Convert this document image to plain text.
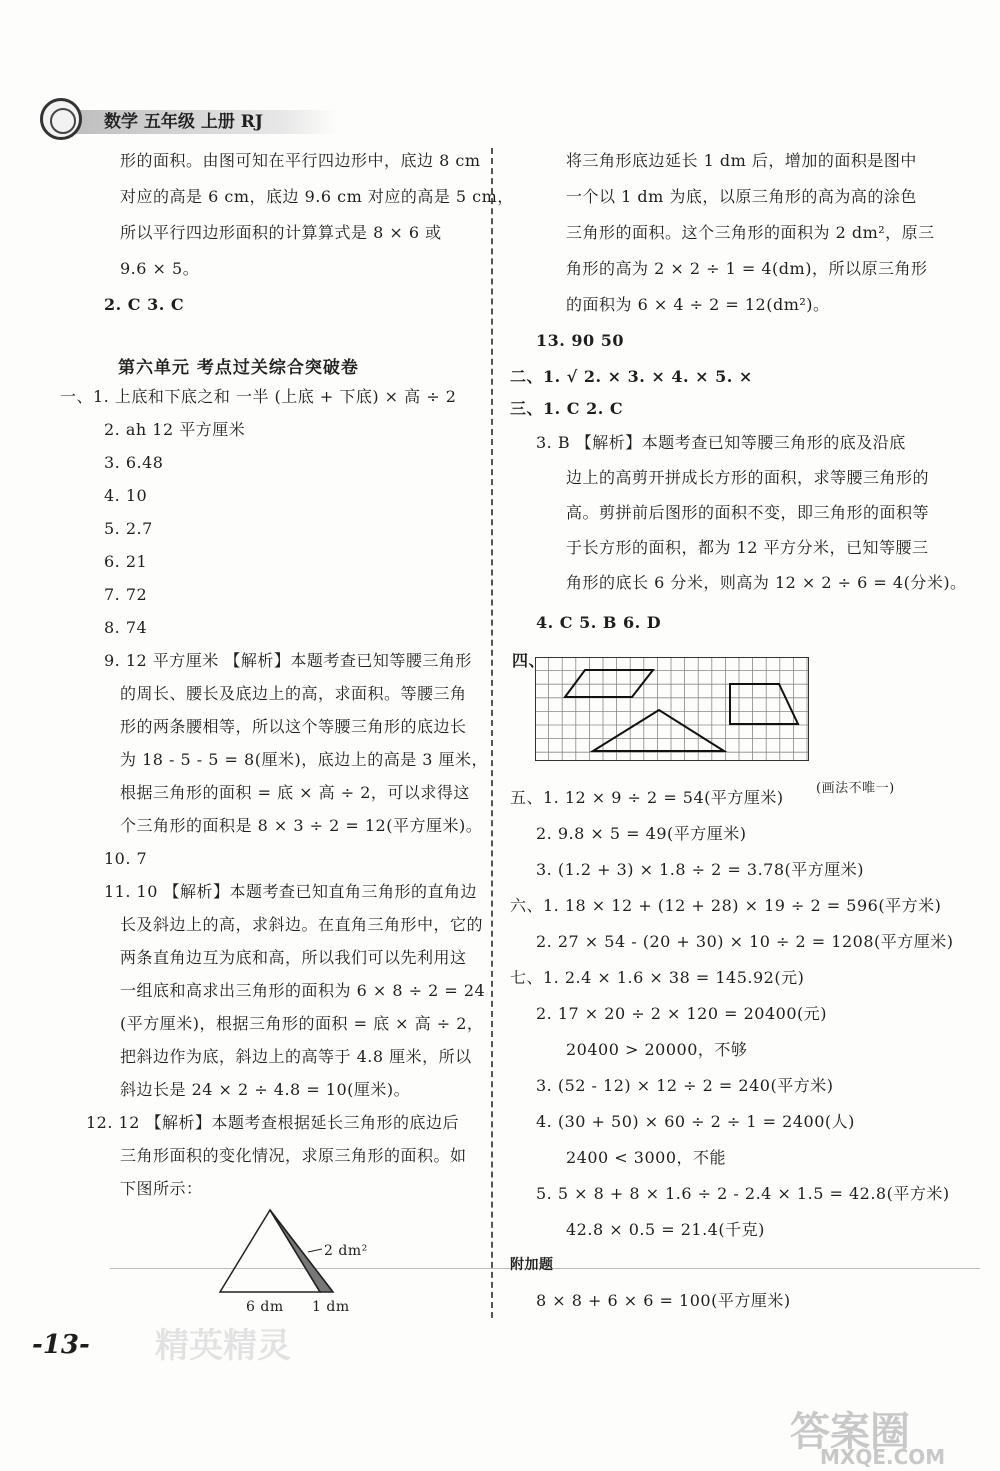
数学 五年级 上册 RJ
形的面积。由图可知在平行四边形中，底边 8 cm
对应的高是 6 cm，底边 9.6 cm 对应的高是 5 cm，
所以平行四边形面积的计算算式是 8 × 6 或
9.6 × 5。
2. C 3. C
第六单元 考点过关综合突破卷
一、1. 上底和下底之和 一半 (上底 + 下底) × 高 ÷ 2
2. ah 12 平方厘米
3. 6.48
4. 10
5. 2.7
6. 21
7. 72
8. 74
9. 12 平方厘米 【解析】本题考查已知等腰三角形
的周长、腰长及底边上的高，求面积。等腰三角
形的两条腰相等，所以这个等腰三角形的底边长
为 18 - 5 - 5 = 8(厘米)，底边上的高是 3 厘米，
根据三角形的面积 = 底 × 高 ÷ 2，可以求得这
个三角形的面积是 8 × 3 ÷ 2 = 12(平方厘米)。
10. 7
11. 10 【解析】本题考查已知直角三角形的直角边
长及斜边上的高，求斜边。在直角三角形中，它的
两条直角边互为底和高，所以我们可以先利用这
一组底和高求出三角形的面积为 6 × 8 ÷ 2 = 24
(平方厘米)，根据三角形的面积 = 底 × 高 ÷ 2，
把斜边作为底，斜边上的高等于 4.8 厘米，所以
斜边长是 24 × 2 ÷ 4.8 = 10(厘米)。
12. 12 【解析】本题考查根据延长三角形的底边后
三角形面积的变化情况，求原三角形的面积。如
下图所示：
2 dm²
6 dm 1 dm
将三角形底边延长 1 dm 后，增加的面积是图中
一个以 1 dm 为底，以原三角形的高为高的涂色
三角形的面积。这个三角形的面积为 2 dm²，原三
角形的高为 2 × 2 ÷ 1 = 4(dm)，所以原三角形
的面积为 6 × 4 ÷ 2 = 12(dm²)。
13. 90 50
二、1. √ 2. × 3. × 4. × 5. ×
三、1. C 2. C
3. B 【解析】本题考查已知等腰三角形的底及沿底
边上的高剪开拼成长方形的面积，求等腰三角形的
高。剪拼前后图形的面积不变，即三角形的面积等
于长方形的面积，都为 12 平方分米，已知等腰三
角形的底长 6 分米，则高为 12 × 2 ÷ 6 = 4(分米)。
4. C 5. B 6. D
四、
(画法不唯一)
五、1. 12 × 9 ÷ 2 = 54(平方厘米)
2. 9.8 × 5 = 49(平方厘米)
3. (1.2 + 3) × 1.8 ÷ 2 = 3.78(平方厘米)
六、1. 18 × 12 + (12 + 28) × 19 ÷ 2 = 596(平方米)
2. 27 × 54 - (20 + 30) × 10 ÷ 2 = 1208(平方厘米)
七、1. 2.4 × 1.6 × 38 = 145.92(元)
2. 17 × 20 ÷ 2 × 120 = 20400(元)
20400 > 20000，不够
3. (52 - 12) × 12 ÷ 2 = 240(平方米)
4. (30 + 50) × 60 ÷ 2 ÷ 1 = 2400(人)
2400 < 3000，不能
5. 5 × 8 + 8 × 1.6 ÷ 2 - 2.4 × 1.5 = 42.8(平方米)
42.8 × 0.5 = 21.4(千克)
附加题
8 × 8 + 6 × 6 = 100(平方厘米)
-13- 精英精灵
答案圈
MXQE.COM
